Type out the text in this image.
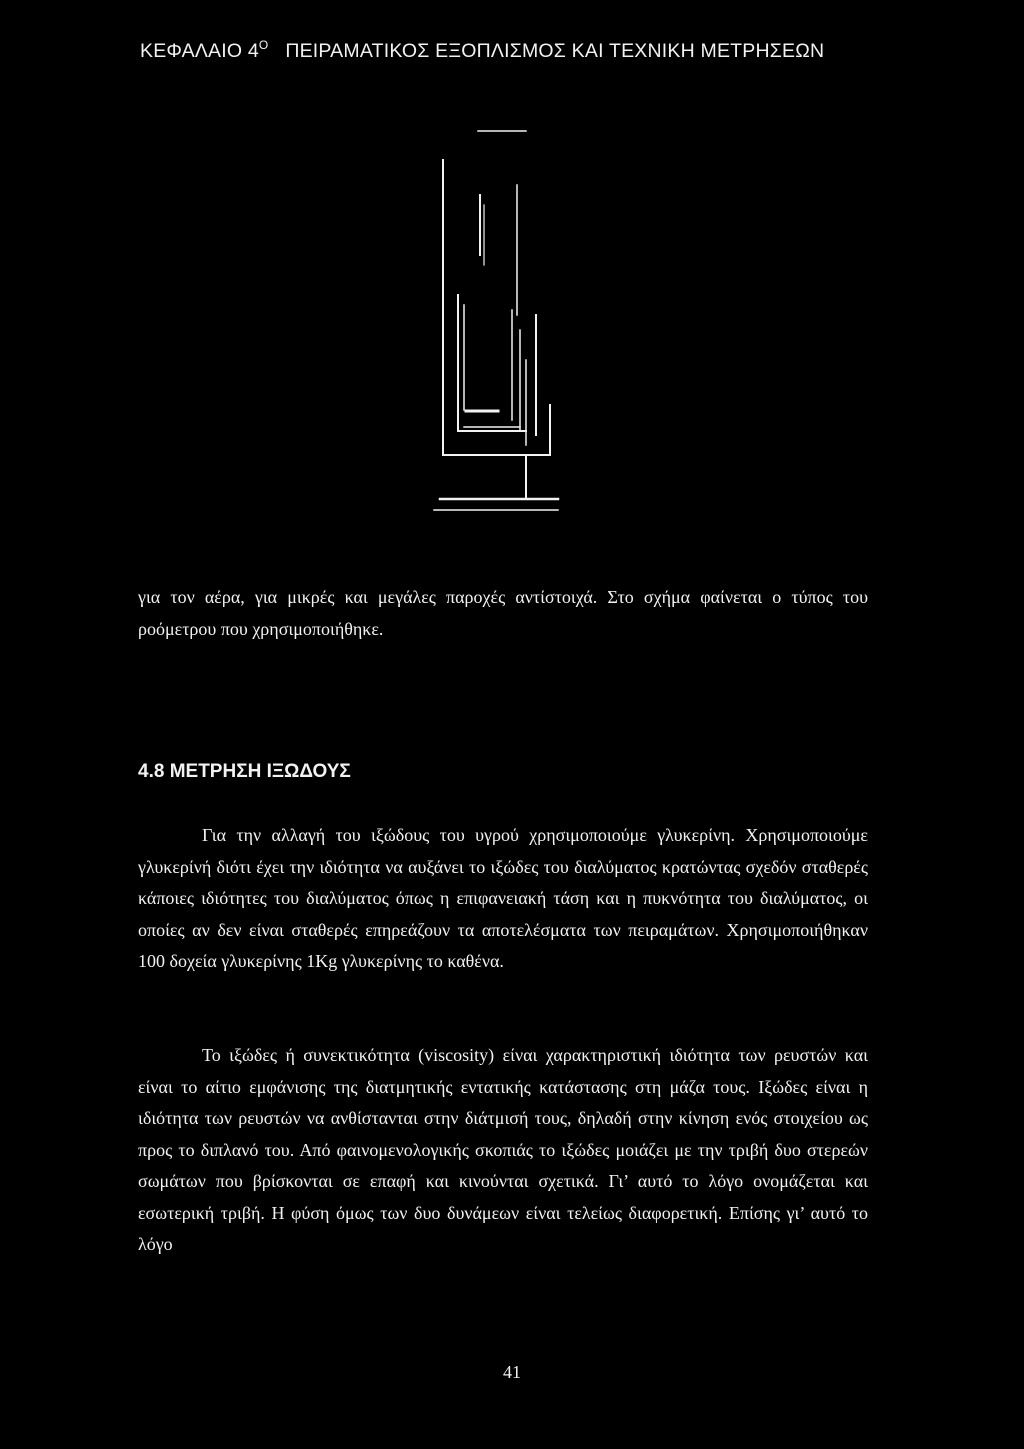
ΚΕΦΑΛΑΙΟ $4^O$ ΠΕΙΡΑΜΑΤΙΚΟΣ ΕΞΟΠΛΙΣΜΟΣ ΚΑΙ ΤΕΧΝΙΚΗ ΜΕΤΡΗΣΕΩΝ
για τον αέρα, για μικρές και μεγάλες παροχές αντίστοιχά. Στο σχήμα φαίνεται ο τύπος του ροόμετρου που χρησιμοποιήθηκε.
4.8 ΜΕΤΡΗΣΗ ΙΞΩΔΟΥΣ
Για την αλλαγή του ιξώδους του υγρού χρησιμοποιούμε γλυκερίνη. Χρησιμοποιούμε γλυκερίνή διότι έχει την ιδιότητα να αυξάνει το ιξώδες του διαλύματος κρατώντας σχεδόν σταθερές κάποιες ιδιότητες του διαλύματος όπως η επιφανειακή τάση και η πυκνότητα του διαλύματος, οι οποίες αν δεν είναι σταθερές επηρεάζουν τα αποτελέσματα των πειραμάτων. Χρησιμοποιήθηκαν 100 δοχεία γλυκερίνης 1Kg γλυκερίνης το καθένα.
Το ιξώδες ή συνεκτικότητα (viscosity) είναι χαρακτηριστική ιδιότητα των ρευστών και είναι το αίτιο εμφάνισης της διατμητικής εντατικής κατάστασης στη μάζα τους. Ιξώδες είναι η ιδιότητα των ρευστών να ανθίστανται στην διάτμισή τους, δηλαδή στην κίνηση ενός στοιχείου ως προς το διπλανό του. Από φαινομενολογικής σκοπιάς το ιξώδες μοιάζει με την τριβή δυο στερεών σωμάτων που βρίσκονται σε επαφή και κινούνται σχετικά. Γι’ αυτό το λόγο ονομάζεται και εσωτερική τριβή. Η φύση όμως των δυο δυνάμεων είναι τελείως διαφορετική. Επίσης γι’ αυτό το λόγο
41
